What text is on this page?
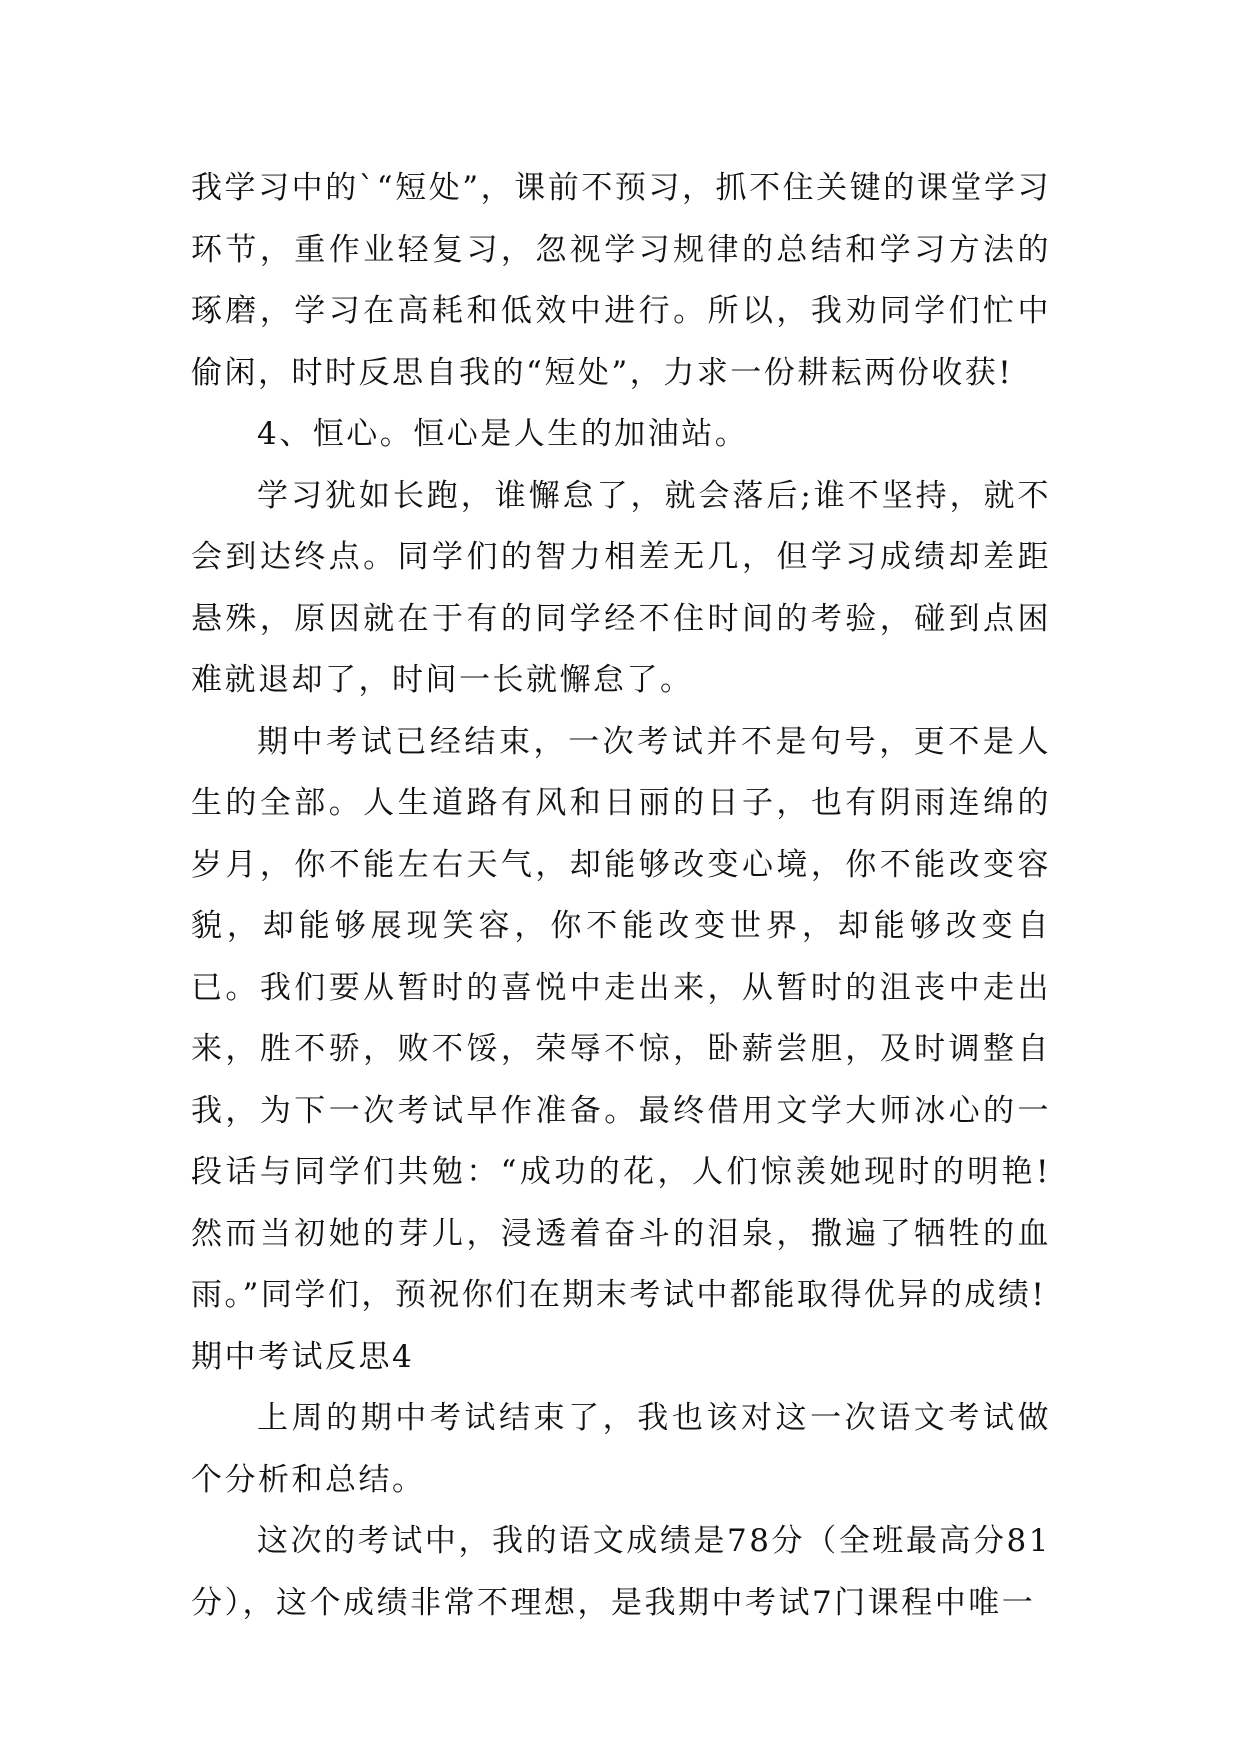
我学习中的`“短处”，课前不预习，抓不住关键的课堂学习环节，重作业轻复习，忽视学习规律的总结和学习方法的琢磨，学习在高耗和低效中进行。所以，我劝同学们忙中偷闲，时时反思自我的“短处”，力求一份耕耘两份收获!

4、恒心。恒心是人生的加油站。

学习犹如长跑，谁懈怠了，就会落后;谁不坚持，就不会到达终点。同学们的智力相差无几，但学习成绩却差距悬殊，原因就在于有的同学经不住时间的考验，碰到点困难就退却了，时间一长就懈怠了。

期中考试已经结束，一次考试并不是句号，更不是人生的全部。人生道路有风和日丽的日子，也有阴雨连绵的岁月，你不能左右天气，却能够改变心境，你不能改变容貌，却能够展现笑容，你不能改变世界，却能够改变自已。我们要从暂时的喜悦中走出来，从暂时的沮丧中走出来，胜不骄，败不馁，荣辱不惊，卧薪尝胆，及时调整自我，为下一次考试早作准备。最终借用文学大师冰心的一段话与同学们共勉：“成功的花，人们惊羡她现时的明艳!然而当初她的芽儿，浸透着奋斗的泪泉，撒遍了牺牲的血雨。”同学们，预祝你们在期末考试中都能取得优异的成绩!

期中考试反思4

上周的期中考试结束了，我也该对这一次语文考试做个分析和总结。

这次的考试中，我的语文成绩是78分（全班最高分81分），这个成绩非常不理想，是我期中考试7门课程中唯一
